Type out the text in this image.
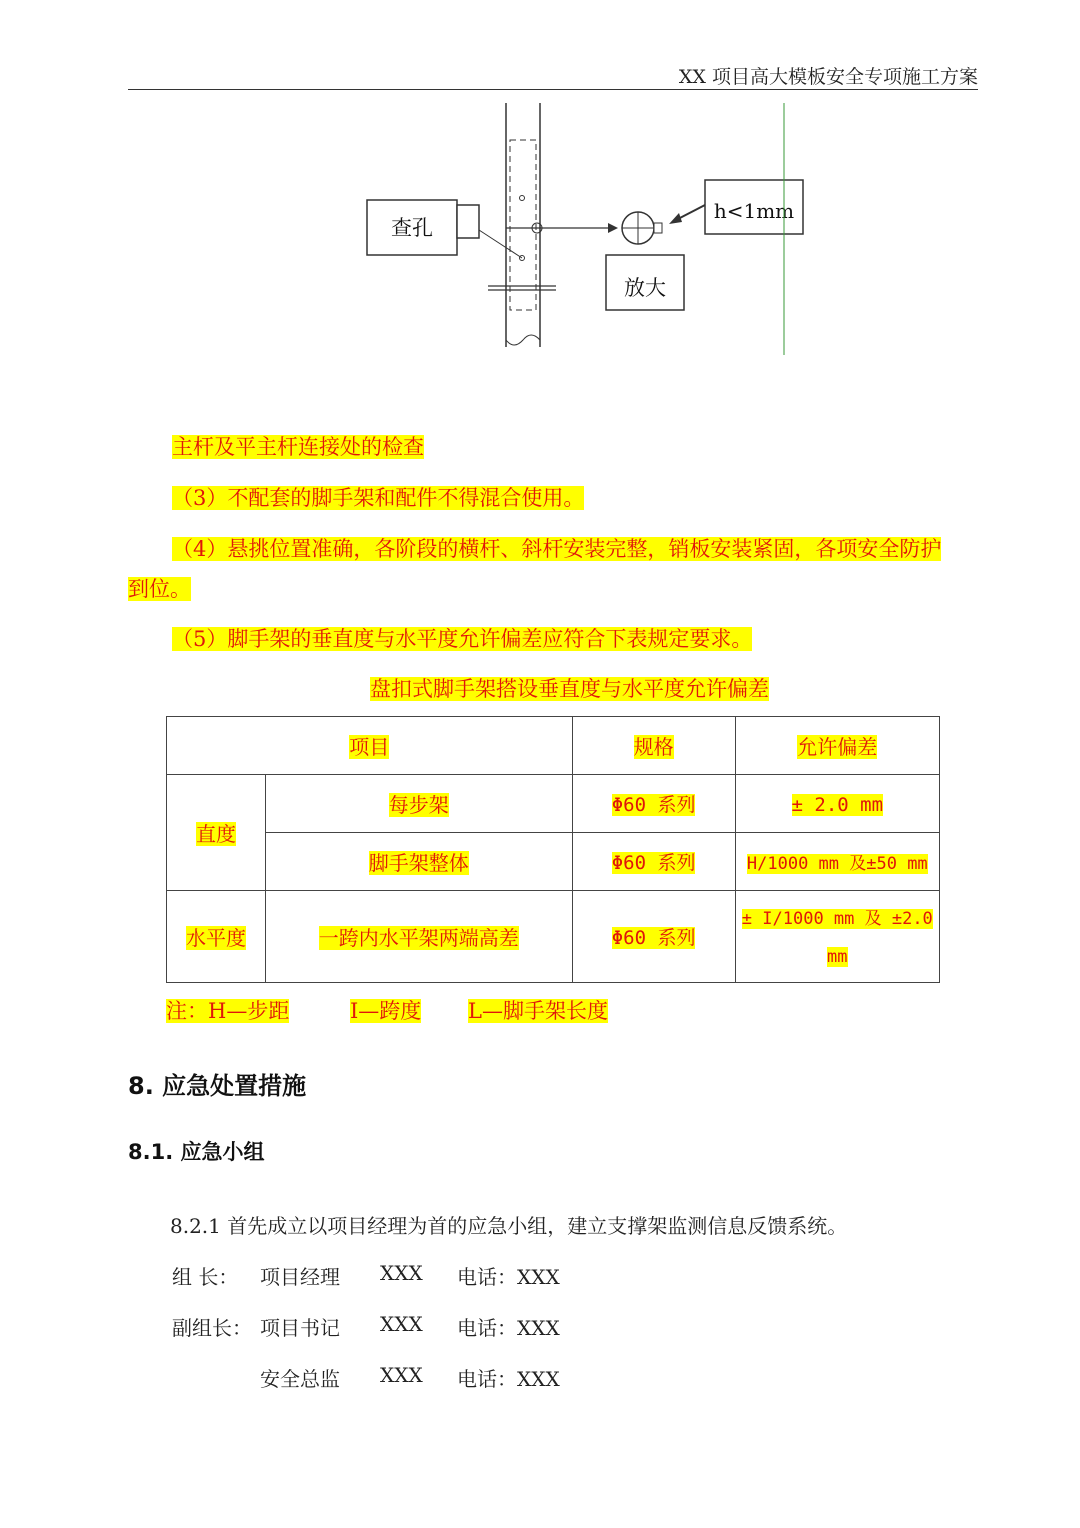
XX 项目高大模板安全专项施工方案
查孔
h<1mm
放大
主杆及平主杆连接处的检查
（3）不配套的脚手架和配件不得混合使用。
（4）悬挑位置准确，各阶段的横杆、斜杆安装完整，销板安装紧固，各项安全防护
到位。
（5）脚手架的垂直度与水平度允许偏差应符合下表规定要求。
盘扣式脚手架搭设垂直度与水平度允许偏差
项目		规格	允许偏差
直度	每步架	Φ60 系列	± 2.0 mm
	脚手架整体	Φ60 系列	H/1000 mm 及±50 mm
水平度	一跨内水平架两端高差	Φ60 系列	± I/1000 mm 及 ±2.0
mm
注：H—步距	I—跨度 L—脚手架长度
8. 应急处置措施
8.1. 应急小组
8.2.1 首先成立以项目经理为首的应急小组，建立支撑架监测信息反馈系统。
组 长： 项目经理 XXX 电话：XXX
副组长： 项目书记 XXX 电话：XXX
安全总监 XXX 电话：XXX
